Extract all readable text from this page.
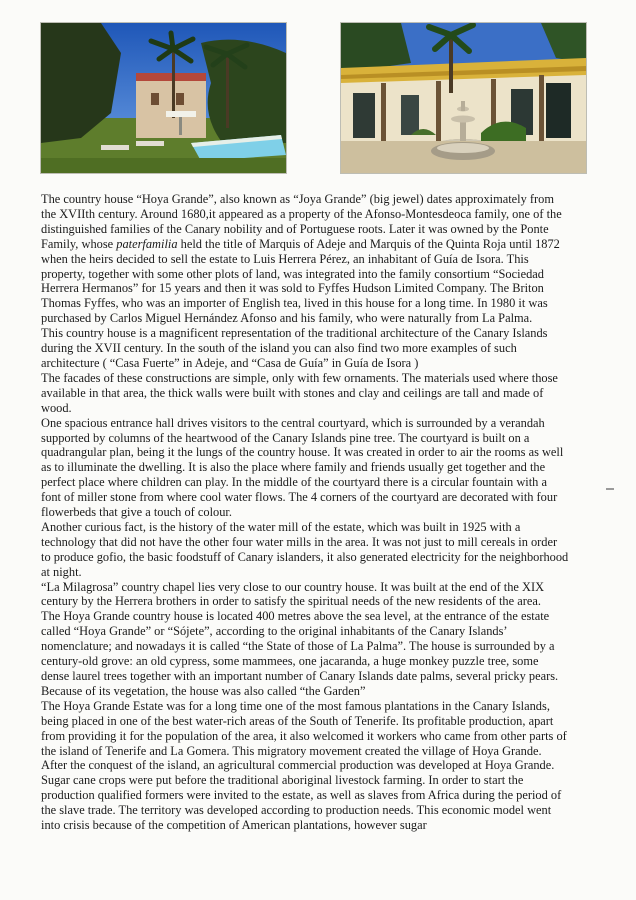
The country house “Hoya Grande”, also known as “Joya Grande” (big jewel) dates approximately from the XVIIth century. Around 1680,it appeared as a property of the Afonso-Montesdeoca family, one of the distinguished families of the Canary nobility and of Portuguese roots. Later it was owned by the Ponte Family, whose paterfamilia held the title of Marquis of Adeje and Marquis of the Quinta Roja until 1872 when the heirs decided to sell the estate to Luis Herrera Pérez, an inhabitant of Guía de Isora. This property, together with some other plots of land, was integrated into the family consortium “Sociedad Herrera Hermanos” for 15 years and then it was sold to Fyffes Hudson Limited Company. The Briton Thomas Fyffes, who was an importer of English tea, lived in this house for a long time. In 1980 it was purchased by Carlos Miguel Hernández Afonso and his family, who were naturally from La Palma.

This country house is a magnificent representation of the traditional architecture of the Canary Islands during the XVII century. In the south of the island you can also find two more examples of such architecture ( “Casa Fuerte” in Adeje, and “Casa de Guía” in Guía de Isora )

The facades of these constructions are simple, only with few ornaments. The materials used where those available in that area, the thick walls were built with stones and clay and ceilings are tall and made of wood.

One spacious entrance hall drives visitors to the central courtyard, which is surrounded by a verandah supported by columns of the heartwood of the Canary Islands pine tree. The courtyard is built on a quadrangular plan, being it the lungs of the country house. It was created in order to air the rooms as well as to illuminate the dwelling. It is also the place where family and friends usually get together and the perfect place where children can play. In the middle of the courtyard there is a circular fountain with a font of miller stone from where cool water flows. The 4 corners of the courtyard are decorated with four flowerbeds that give a touch of colour.

Another curious fact, is the history of the water mill of the estate, which was built in 1925 with a technology that did not have the other four water mills in the area. It was not just to mill cereals in order to produce gofio, the basic foodstuff of Canary islanders, it also generated electricity for the neighborhood at night.

“La Milagrosa” country chapel lies very close to our country house. It was built at the end of the XIX century by the Herrera brothers in order to satisfy the spiritual needs of the new residents of the area.

The Hoya Grande country house is located 400 metres above the sea level, at the entrance of the estate called “Hoya Grande” or “Sójete”, according to the original inhabitants of the Canary Islands’ nomenclature; and nowadays it is called “the State of those of La Palma”. The house is surrounded by a century-old grove: an old cypress, some mammees, one jacaranda, a huge monkey puzzle tree, some dense laurel trees together with an important number of Canary Islands date palms, several pricky pears. Because of its vegetation, the house was also called “the Garden”

The Hoya Grande Estate was for a long time one of the most famous plantations in the Canary Islands, being placed in one of the best water-rich areas of the South of Tenerife. Its profitable production, apart from providing it for the population of the area, it also welcomed it workers who came from other parts of the island of Tenerife and La Gomera. This migratory movement created the village of Hoya Grande.

After the conquest of the island, an agricultural commercial production was developed at Hoya Grande. Sugar cane crops were put before the traditional aboriginal livestock farming. In order to start the production qualified formers were invited to the estate, as well as slaves from Africa during the period of the slave trade. The territory was developed according to production needs. This economic model went into crisis because of the competition of American plantations, however sugar
